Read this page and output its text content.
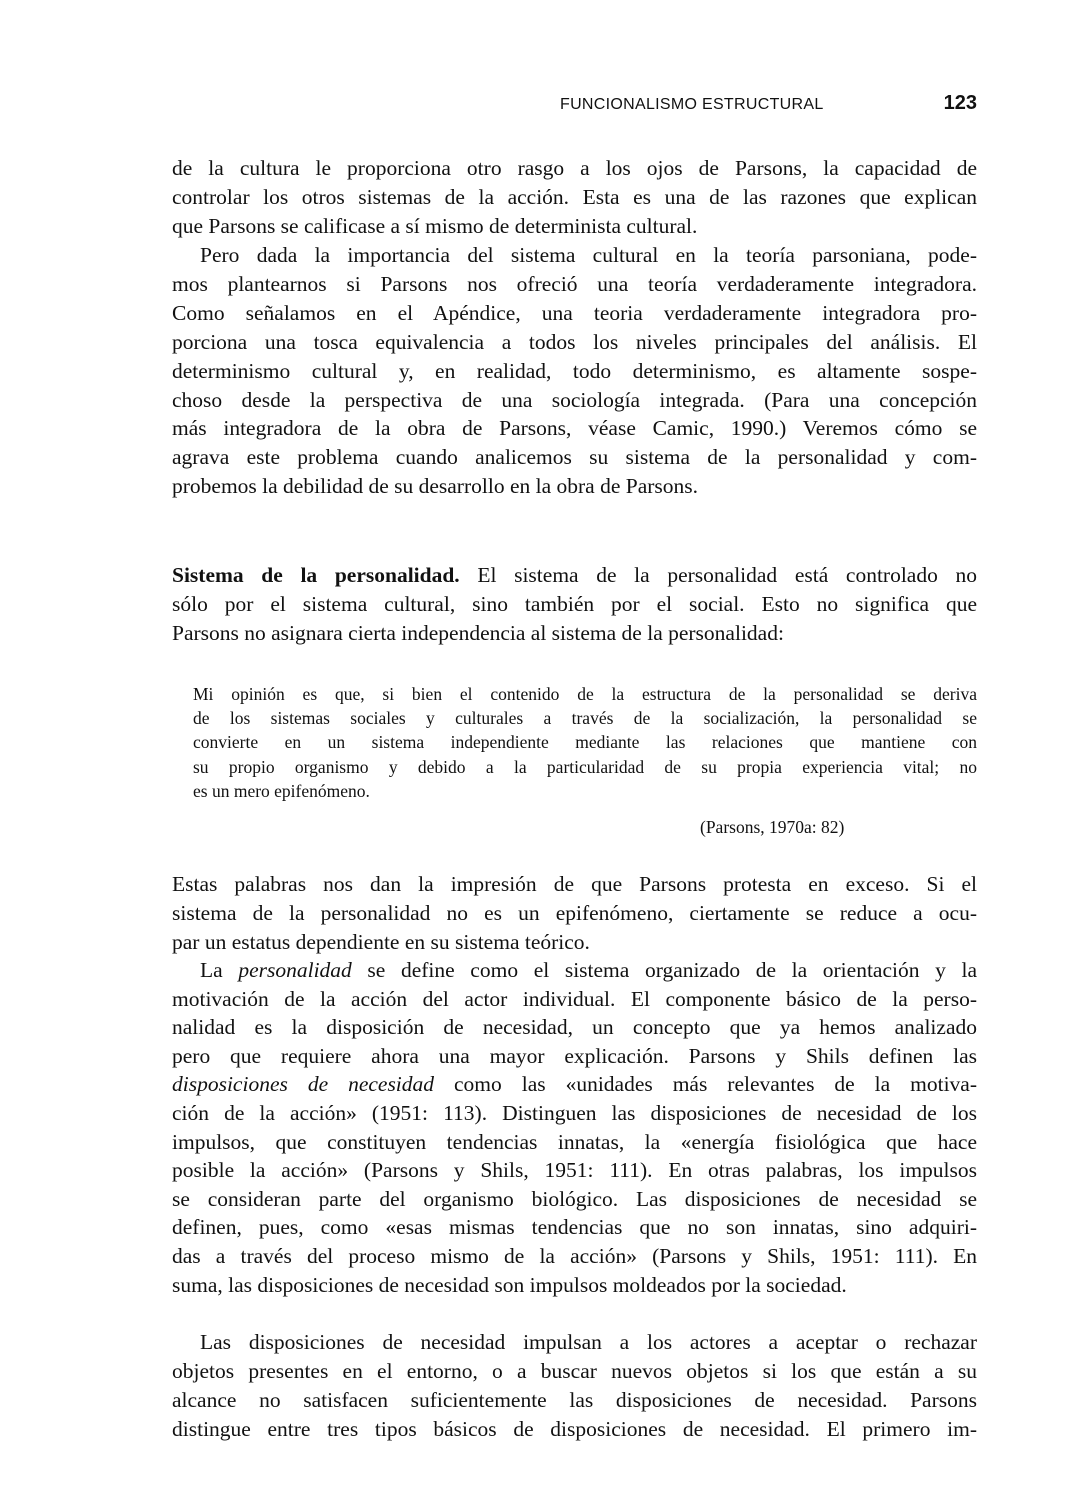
FUNCIONALISMO ESTRUCTURAL	123
de la cultura le proporciona otro rasgo a los ojos de Parsons, la capacidad de
controlar los otros sistemas de la acción. Esta es una de las razones que explican
que Parsons se calificase a sí mismo de determinista cultural.
Pero dada la importancia del sistema cultural en la teoría parsoniana, pode-
mos plantearnos si Parsons nos ofreció una teoría verdaderamente integradora.
Como señalamos en el Apéndice, una teoria verdaderamente integradora pro-
porciona una tosca equivalencia a todos los niveles principales del análisis. El
determinismo cultural y, en realidad, todo determinismo, es altamente sospe-
choso desde la perspectiva de una sociología integrada. (Para una concepción
más integradora de la obra de Parsons, véase Camic, 1990.) Veremos cómo se
agrava este problema cuando analicemos su sistema de la personalidad y com-
probemos la debilidad de su desarrollo en la obra de Parsons.
Sistema de la personalidad. El sistema de la personalidad está controlado no
sólo por el sistema cultural, sino también por el social. Esto no significa que
Parsons no asignara cierta independencia al sistema de la personalidad:
Mi opinión es que, si bien el contenido de la estructura de la personalidad se deriva
de los sistemas sociales y culturales a través de la socialización, la personalidad se
convierte en un sistema independiente mediante las relaciones que mantiene con
su propio organismo y debido a la particularidad de su propia experiencia vital; no
es un mero epifenómeno.
(Parsons, 1970a: 82)
Estas palabras nos dan la impresión de que Parsons protesta en exceso. Si el
sistema de la personalidad no es un epifenómeno, ciertamente se reduce a ocu-
par un estatus dependiente en su sistema teórico.
La personalidad se define como el sistema organizado de la orientación y la
motivación de la acción del actor individual. El componente básico de la perso-
nalidad es la disposición de necesidad, un concepto que ya hemos analizado
pero que requiere ahora una mayor explicación. Parsons y Shils definen las
disposiciones de necesidad como las «unidades más relevantes de la motiva-
ción de la acción» (1951: 113). Distinguen las disposiciones de necesidad de los
impulsos, que constituyen tendencias innatas, la «energía fisiológica que hace
posible la acción» (Parsons y Shils, 1951: 111). En otras palabras, los impulsos
se consideran parte del organismo biológico. Las disposiciones de necesidad se
definen, pues, como «esas mismas tendencias que no son innatas, sino adquiri-
das a través del proceso mismo de la acción» (Parsons y Shils, 1951: 111). En
suma, las disposiciones de necesidad son impulsos moldeados por la sociedad.
Las disposiciones de necesidad impulsan a los actores a aceptar o rechazar
objetos presentes en el entorno, o a buscar nuevos objetos si los que están a su
alcance no satisfacen suficientemente las disposiciones de necesidad. Parsons
distingue entre tres tipos básicos de disposiciones de necesidad. El primero im-
